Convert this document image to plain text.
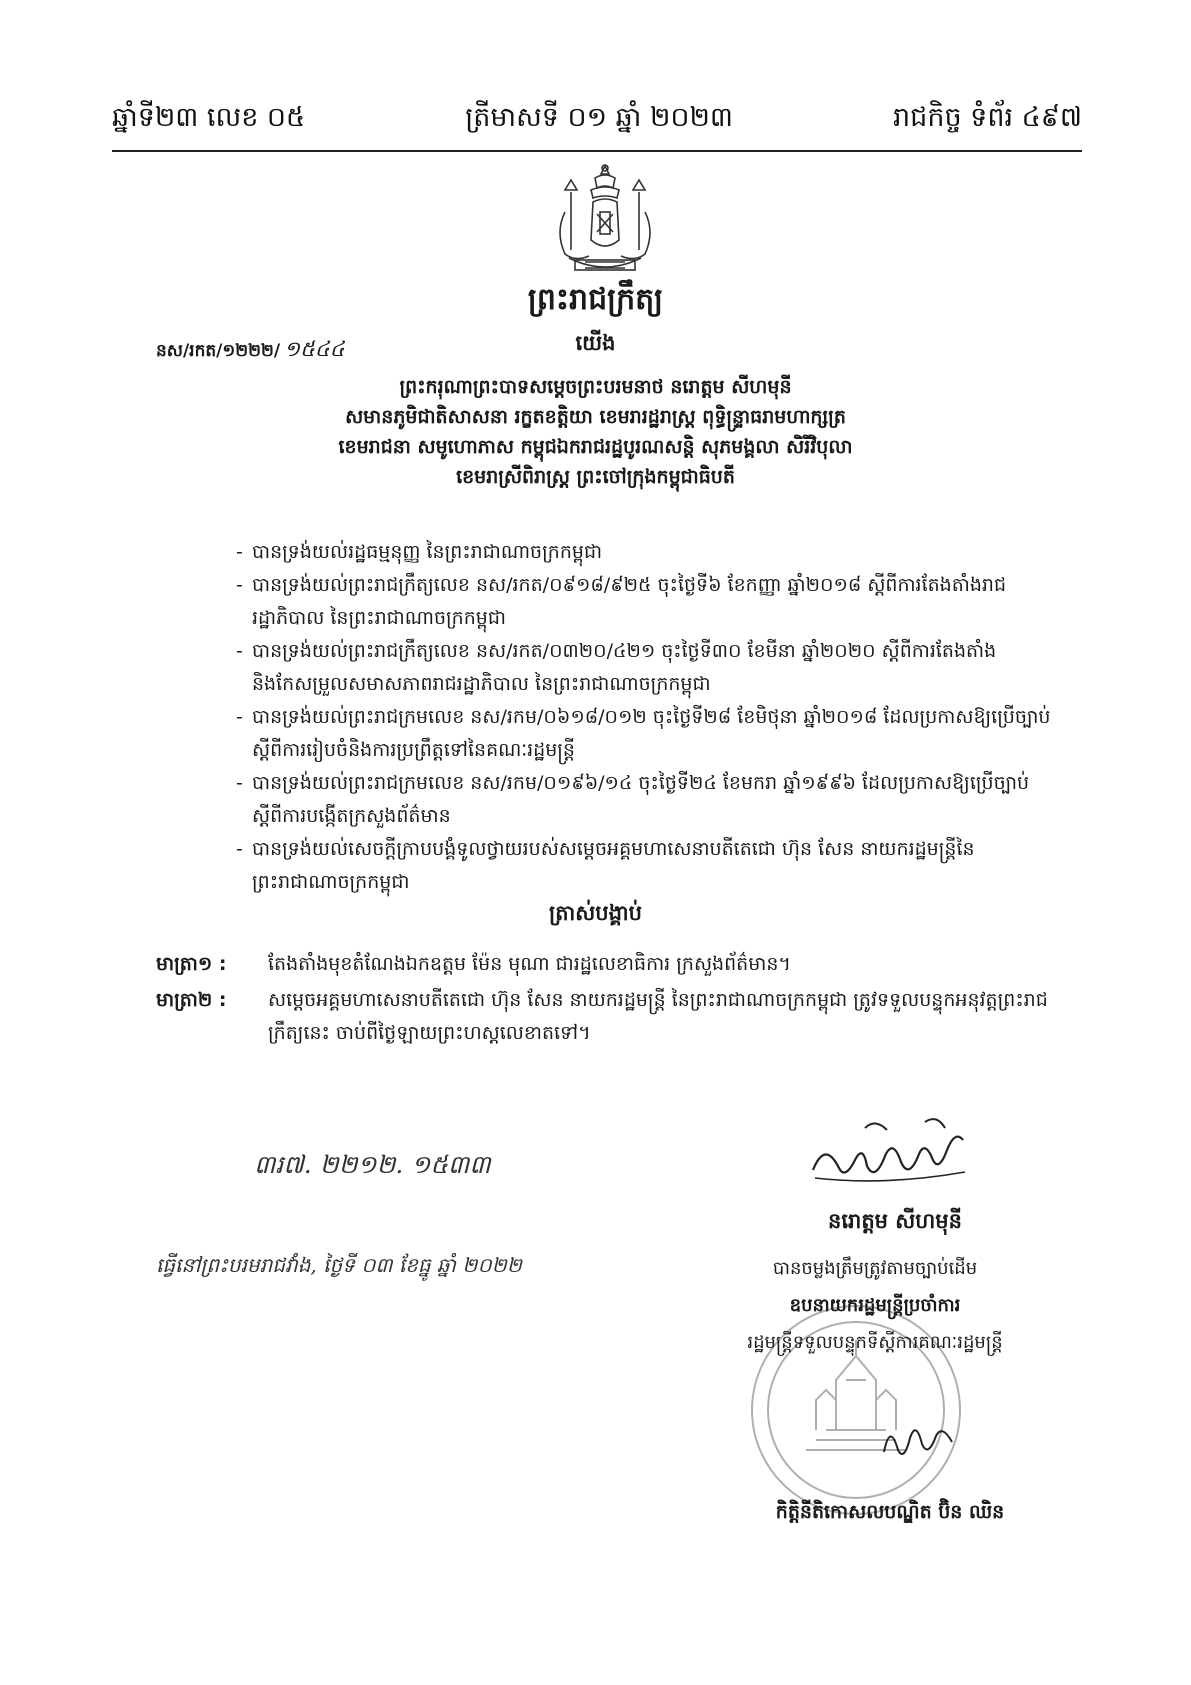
ឆ្នាំទី២៣ លេខ ០៥	ត្រីមាសទី ០១ ឆ្នាំ ២០២៣	រាជកិច្ច ទំព័រ ៤៩៧
ព្រះរាជក្រឹត្យ
នស/រកត/១២២២/ ១៥៤៤	យើង
ព្រះករុណាព្រះបាទសម្តេចព្រះបរមនាថ នរោត្តម សីហមុនី
សមានភូមិជាតិសាសនា រក្ខតខត្តិយា ខេមរារដ្ឋរាស្ត្រ ពុទ្ធិន្ទ្រាធរាមហាក្សត្រ
ខេមរាជនា សមូហោភាស កម្ពុជឯករាជរដ្ឋបូរណសន្តិ សុភមង្គលា សិរីវិបុលា
ខេមរាស្រីពិរាស្ត្រ ព្រះចៅក្រុងកម្ពុជាធិបតី
- បានទ្រង់យល់រដ្ឋធម្មនុញ្ញ នៃព្រះរាជាណាចក្រកម្ពុជា
- បានទ្រង់យល់ព្រះរាជក្រឹត្យលេខ នស/រកត/០៩១៨/៩២៥ ចុះថ្ងៃទី៦ ខែកញ្ញា ឆ្នាំ២០១៨ ស្តីពីការតែងតាំងរាជរដ្ឋាភិបាល នៃព្រះរាជាណាចក្រកម្ពុជា
- បានទ្រង់យល់ព្រះរាជក្រឹត្យលេខ នស/រកត/០៣២០/៤២១ ចុះថ្ងៃទី៣០ ខែមីនា ឆ្នាំ២០២០ ស្តីពីការតែងតាំង និងកែសម្រួលសមាសភាពរាជរដ្ឋាភិបាល នៃព្រះរាជាណាចក្រកម្ពុជា
- បានទ្រង់យល់ព្រះរាជក្រមលេខ នស/រកម/០៦១៨/០១២ ចុះថ្ងៃទី២៨ ខែមិថុនា ឆ្នាំ២០១៨ ដែលប្រកាសឱ្យប្រើច្បាប់ស្តីពីការរៀបចំនិងការប្រព្រឹត្តទៅនៃគណៈរដ្ឋមន្ត្រី
- បានទ្រង់យល់ព្រះរាជក្រមលេខ នស/រកម/០១៩៦/១៤ ចុះថ្ងៃទី២៤ ខែមករា ឆ្នាំ១៩៩៦ ដែលប្រកាសឱ្យប្រើច្បាប់ស្តីពីការបង្កើតក្រសួងព័ត៌មាន
- បានទ្រង់យល់សេចក្តីក្រាបបង្គំទូលថ្វាយរបស់សម្តេចអគ្គមហាសេនាបតីតេជោ ហ៊ុន សែន នាយករដ្ឋមន្ត្រីនៃព្រះរាជាណាចក្រកម្ពុជា
ត្រាស់បង្គាប់
មាត្រា១ :	តែងតាំងមុខតំណែងឯកឧត្តម ម៉ែន មុណា ជារដ្ឋលេខាធិការ ក្រសួងព័ត៌មាន។
មាត្រា២ :	សម្តេចអគ្គមហាសេនាបតីតេជោ ហ៊ុន សែន នាយករដ្ឋមន្ត្រី នៃព្រះរាជាណាចក្រកម្ពុជា ត្រូវទទួលបន្ទុកអនុវត្តព្រះរាជក្រឹត្យនេះ ចាប់ពីថ្ងៃឡាយព្រះហស្តលេខាតទៅ។
៣រ៧. ២២១២. ១៥៣៣
ធ្វើនៅព្រះបរមរាជវាំង, ថ្ងៃទី ០៣ ខែធ្នូ ឆ្នាំ ២០២២
នរោត្តម សីហមុនី
បានចម្លងត្រឹមត្រូវតាមច្បាប់ដើម
ឧបនាយករដ្ឋមន្ត្រីប្រចាំការ
រដ្ឋមន្ត្រីទទួលបន្ទុកទីស្តីការគណៈរដ្ឋមន្ត្រី
កិត្តិនីតិកោសលបណ្ឌិត ប៊ិន ឈិន
